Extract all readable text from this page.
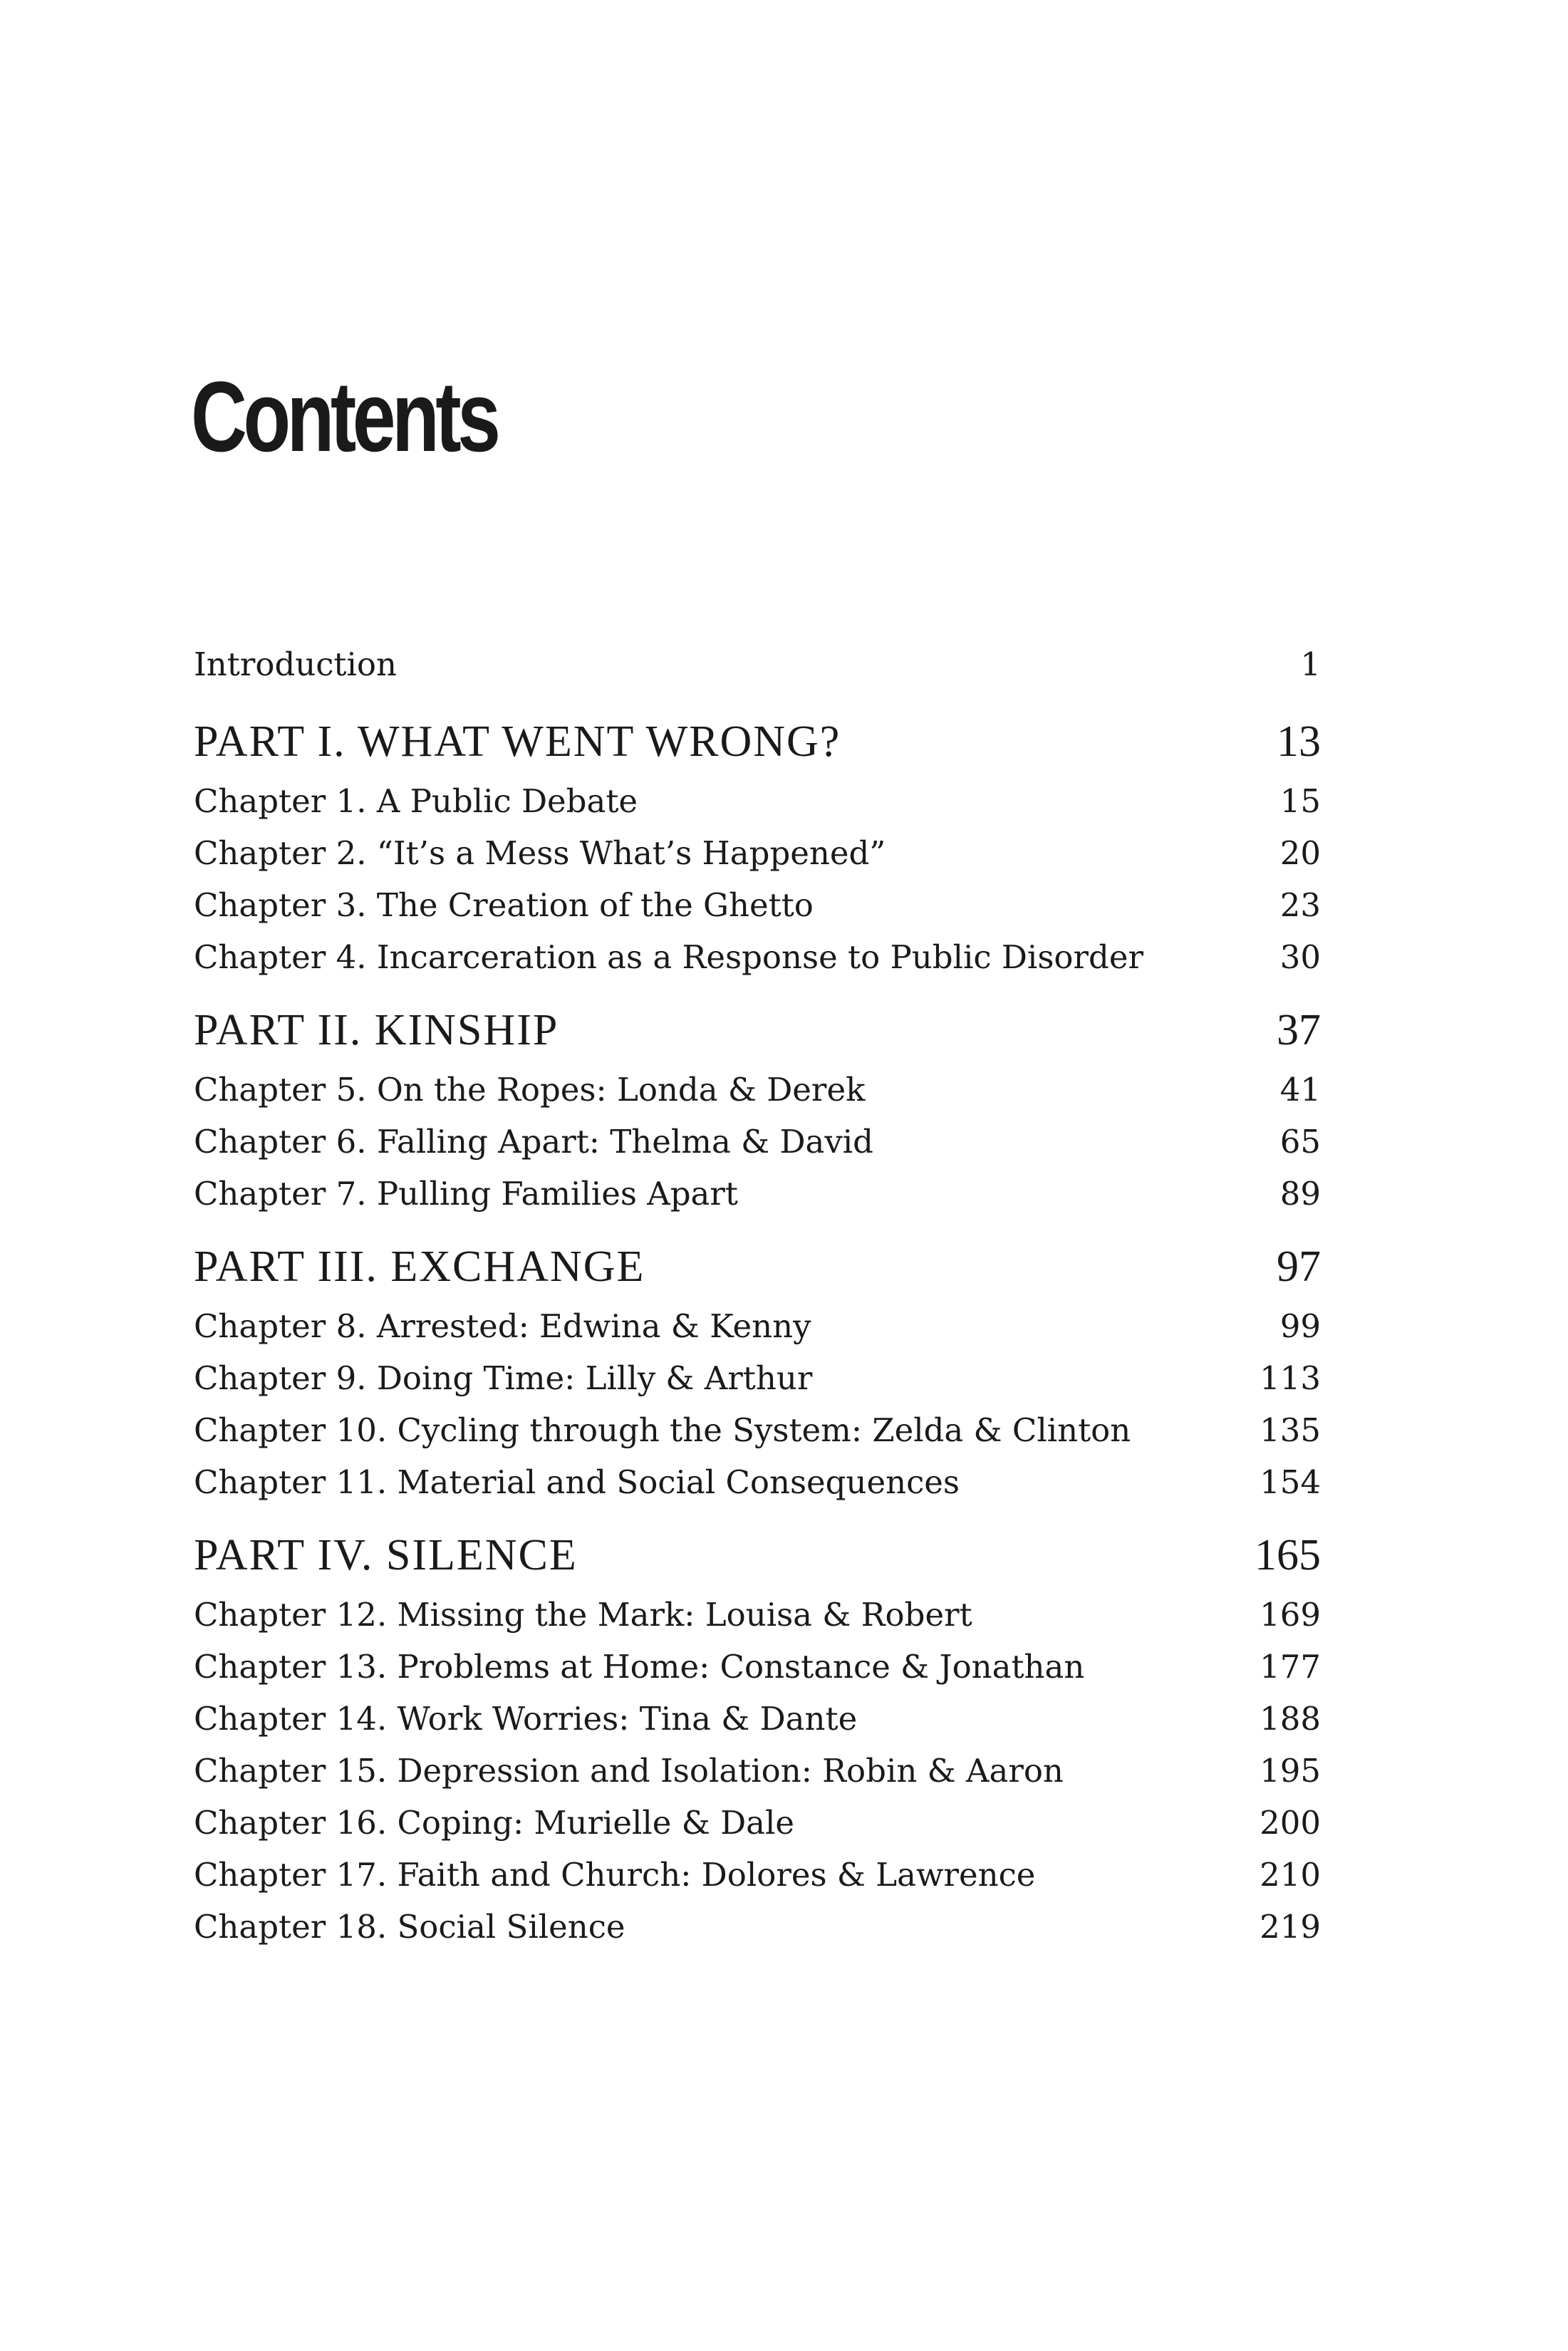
Contents
Introduction	1
PART I. WHAT WENT WRONG?	13
Chapter 1. A Public Debate	15
Chapter 2. “It’s a Mess What’s Happened”	20
Chapter 3. The Creation of the Ghetto	23
Chapter 4. Incarceration as a Response to Public Disorder	30
PART II. KINSHIP	37
Chapter 5. On the Ropes: Londa & Derek	41
Chapter 6. Falling Apart: Thelma & David	65
Chapter 7. Pulling Families Apart	89
PART III. EXCHANGE	97
Chapter 8. Arrested: Edwina & Kenny	99
Chapter 9. Doing Time: Lilly & Arthur	113
Chapter 10. Cycling through the System: Zelda & Clinton	135
Chapter 11. Material and Social Consequences	154
PART IV. SILENCE	165
Chapter 12. Missing the Mark: Louisa & Robert	169
Chapter 13. Problems at Home: Constance & Jonathan	177
Chapter 14. Work Worries: Tina & Dante	188
Chapter 15. Depression and Isolation: Robin & Aaron	195
Chapter 16. Coping: Murielle & Dale	200
Chapter 17. Faith and Church: Dolores & Lawrence	210
Chapter 18. Social Silence	219
